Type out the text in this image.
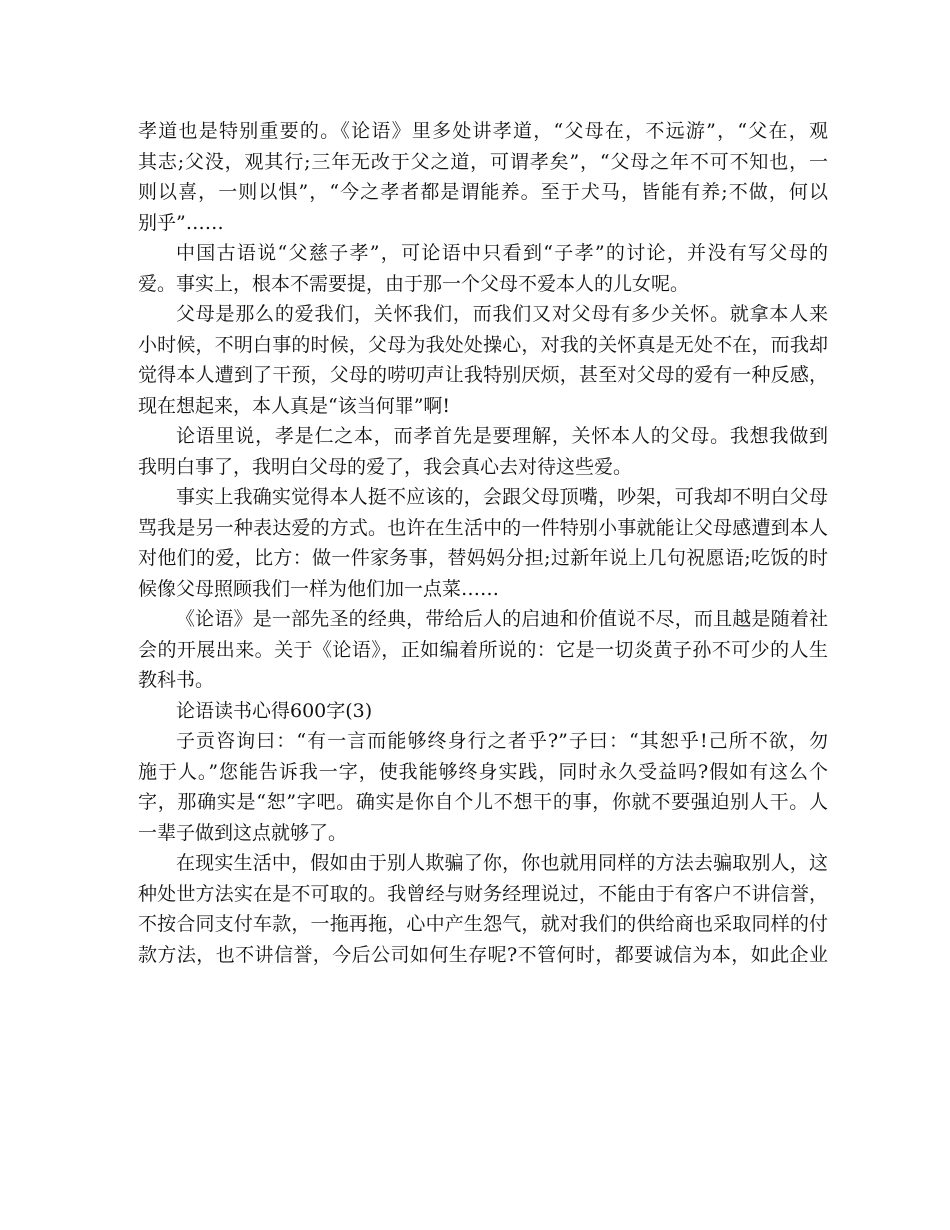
孝道也是特别重要的。《论语》里多处讲孝道，“父母在，不远游”，“父在，观
其志;父没，观其行;三年无改于父之道，可谓孝矣”，“父母之年不可不知也，一
则以喜，一则以惧”，“今之孝者都是谓能养。至于犬马，皆能有养;不做，何以
别乎”……
中国古语说“父慈子孝”，可论语中只看到“子孝”的讨论，并没有写父母的
爱。事实上，根本不需要提，由于那一个父母不爱本人的儿女呢。
父母是那么的爱我们，关怀我们，而我们又对父母有多少关怀。就拿本人来
小时候，不明白事的时候，父母为我处处操心，对我的关怀真是无处不在，而我却
觉得本人遭到了干预，父母的唠叨声让我特别厌烦，甚至对父母的爱有一种反感，
现在想起来，本人真是“该当何罪”啊!
论语里说，孝是仁之本，而孝首先是要理解，关怀本人的父母。我想我做到
我明白事了，我明白父母的爱了，我会真心去对待这些爱。
事实上我确实觉得本人挺不应该的，会跟父母顶嘴，吵架，可我却不明白父母
骂我是另一种表达爱的方式。也许在生活中的一件特别小事就能让父母感遭到本人
对他们的爱，比方：做一件家务事，替妈妈分担;过新年说上几句祝愿语;吃饭的时
候像父母照顾我们一样为他们加一点菜……
《论语》是一部先圣的经典，带给后人的启迪和价值说不尽，而且越是随着社
会的开展出来。关于《论语》，正如编着所说的：它是一切炎黄子孙不可少的人生
教科书。
论语读书心得600字(3)
子贡咨询曰：“有一言而能够终身行之者乎?”子曰：“其恕乎!己所不欲，勿
施于人。”您能告诉我一字，使我能够终身实践，同时永久受益吗?假如有这么个
字，那确实是“恕”字吧。确实是你自个儿不想干的事，你就不要强迫别人干。人
一辈子做到这点就够了。
在现实生活中，假如由于别人欺骗了你，你也就用同样的方法去骗取别人，这
种处世方法实在是不可取的。我曾经与财务经理说过，不能由于有客户不讲信誉，
不按合同支付车款，一拖再拖，心中产生怨气，就对我们的供给商也采取同样的付
款方法，也不讲信誉，今后公司如何生存呢?不管何时，都要诚信为本，如此企业
